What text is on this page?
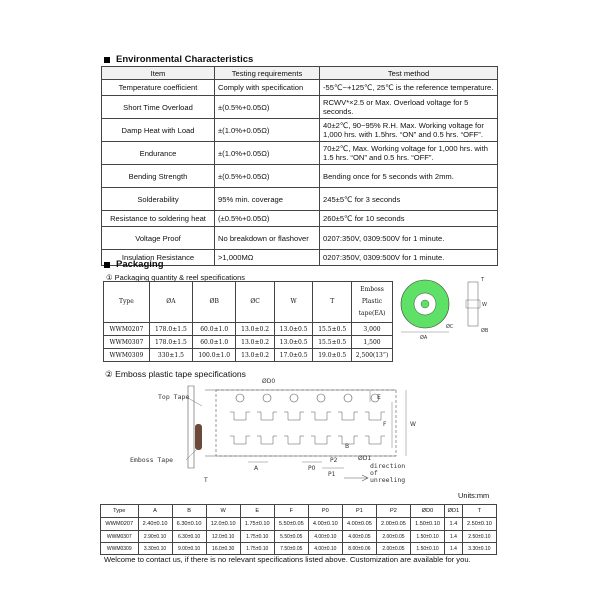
Environmental Characteristics
Item	Testing requirements	Test method
Temperature coefficient	Comply with specification	-55℃~+125℃, 25℃ is the reference temperature.
Short Time Overload	±(0.5%+0.05Ω)	RCWV*×2.5 or Max. Overload voltage for 5 seconds.
Damp Heat with Load	±(1.0%+0.05Ω)	40±2℃, 90~95% R.H. Max. Working voltage for 1,000 hrs. with 1.5hrs. “ON” and 0.5 hrs. “OFF”.
Endurance	±(1.0%+0.05Ω)	70±2℃, Max. Working voltage for 1,000 hrs. with 1.5 hrs. “ON” and 0.5 hrs. “OFF”.
Bending Strength	±(0.5%+0.05Ω)	Bending once for 5 seconds with 2mm.
Solderability	95% min. coverage	245±5℃ for 3 seconds
Resistance to soldering heat	(±0.5%+0.05Ω)	260±5℃ for 10 seconds
Voltage Proof	No breakdown or flashover	0207:350V, 0309:500V for 1 minute.
Insulation Resistance	>1,000MΩ	0207:350V, 0309:500V for 1 minute.
Packaging
① Packaging quantity & reel specifications
Type	ØA	ØB	ØC	W	T	Emboss Plastic tape(EA)
WWM0207	178.0±1.5	60.0±1.0	13.0±0.2	13.0±0.5	15.5±0.5	3,000
WWM0307	178.0±1.5	60.0±1.0	13.0±0.2	13.0±0.5	15.5±0.5	1,500
WWM0309	330±1.5	100.0±1.0	13.0±0.2	17.0±0.5	19.0±0.5	2,500(13”)
ØA
ØC
T
W
ØB
② Emboss plastic tape specifications
Top Tape
Emboss Tape
E
F	W
ØD0
ØD1
A	P0
P1
P2
B
T
direction of unreeling
Units:mm
Type	A	B	W	E	F	P0	P1	P2	ØD0	ØD1	T
WWM0207	2.40±0.10	6.30±0.10	12.0±0.10	1.75±0.10	5.50±0.05	4.00±0.10	4.00±0.05	2.00±0.05	1.50±0.10	1.4	2.50±0.10
WWM0307	2.90±0.10	6.30±0.10	12.0±0.10	1.75±0.10	5.50±0.05	4.00±0.10	4.00±0.05	2.00±0.05	1.50±0.10	1.4	2.50±0.10
WWM0309	3.30±0.10	9.00±0.10	16.0±0.30	1.75±0.10	7.50±0.05	4.00±0.10	8.00±0.06	2.00±0.05	1.50±0.10	1.4	3.30±0.10
Welcome to contact us, if there is no relevant specifications listed above. Customization are available for you.
